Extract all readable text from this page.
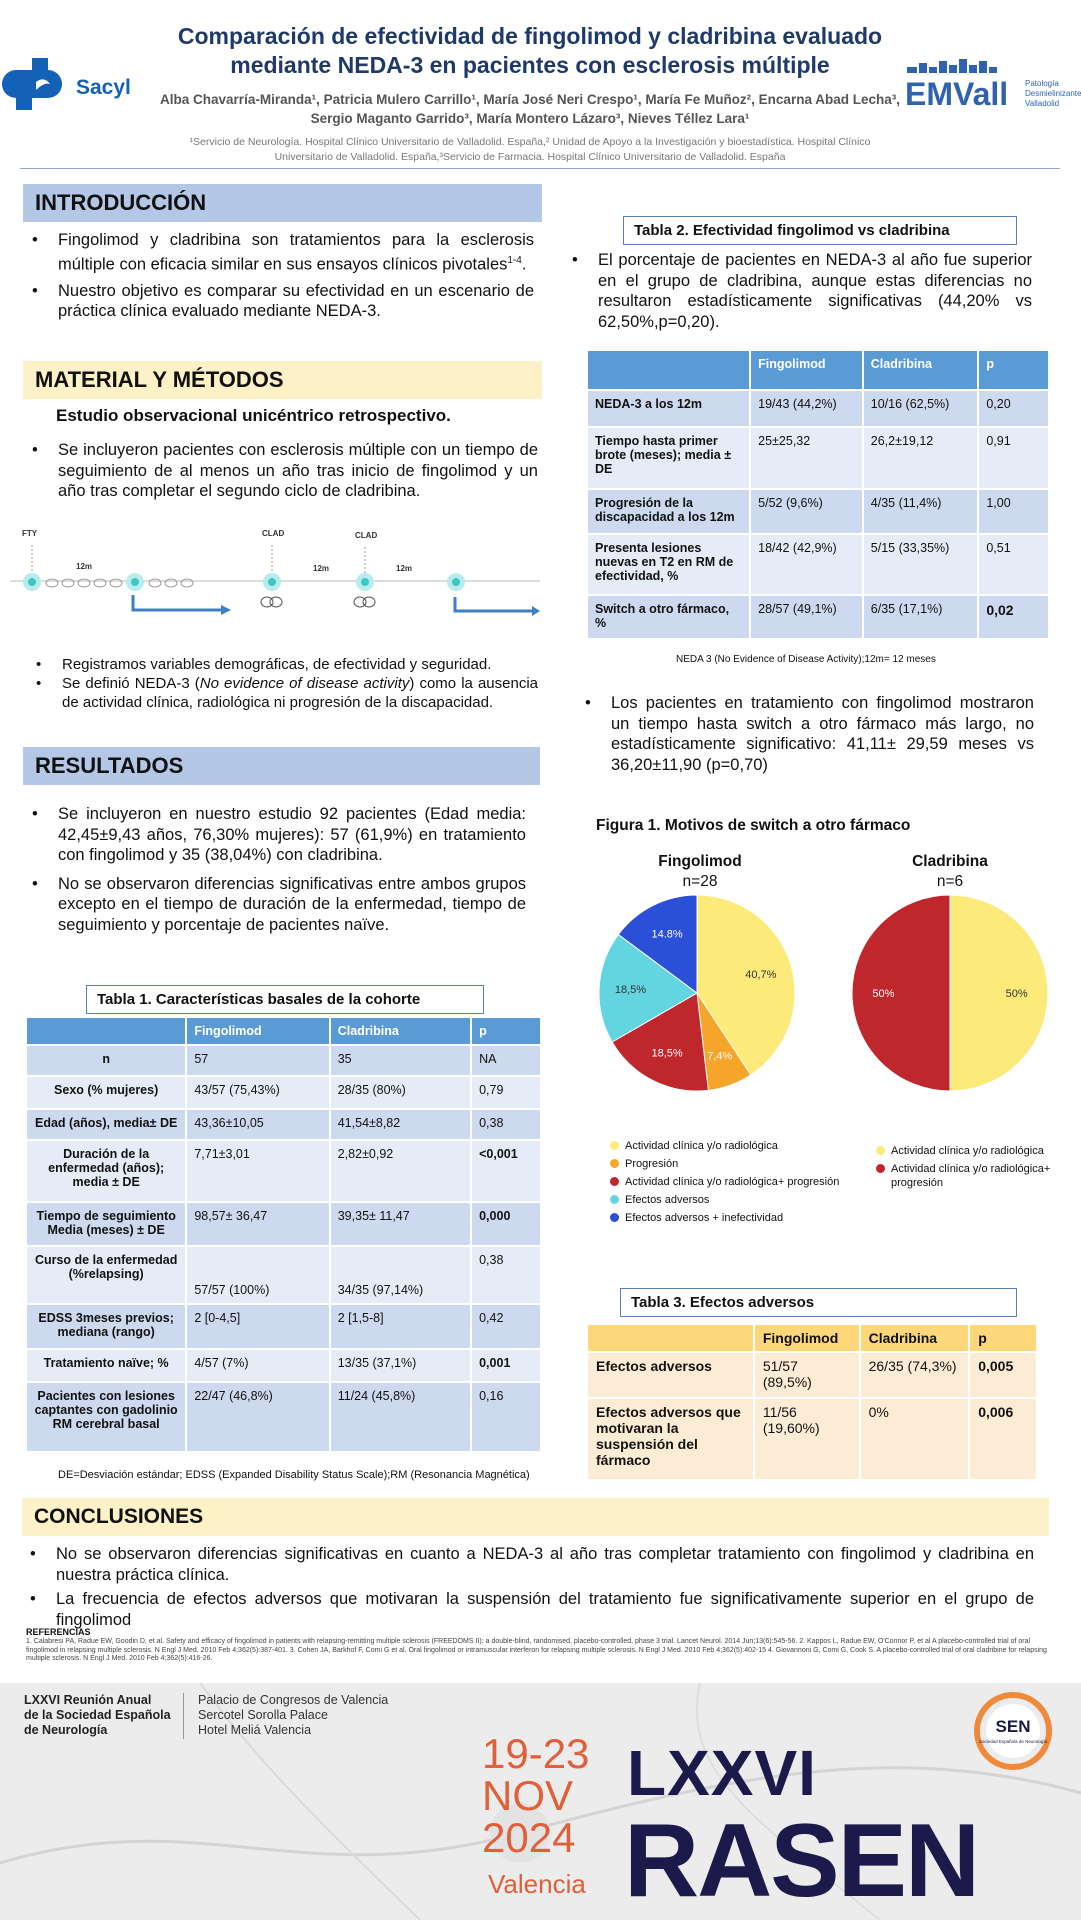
Sacyl
Comparación de efectividad de fingolimod y cladribina evaluado mediante NEDA-3 en pacientes con esclerosis múltiple
Alba Chavarría-Miranda¹, Patricia Mulero Carrillo¹, María José Neri Crespo¹, María Fe Muñoz², Encarna Abad Lecha³, Sergio Maganto Garrido³, María Montero Lázaro³, Nieves Téllez Lara¹
¹Servicio de Neurología. Hospital Clínico Universitario de Valladolid. España,² Unidad de Apoyo a la Investigación y bioestadística. Hospital Clínico Universitario de Valladolid. España,³Servicio de Farmacia. Hospital Clínico Universitario de Valladolid. España
EMVall Patología
Desmielinizante
Valladolid
INTRODUCCIÓN
• Fingolimod y cladribina son tratamientos para la esclerosis múltiple con eficacia similar en sus ensayos clínicos pivotales$^{1-4}$.
• Nuestro objetivo es comparar su efectividad en un escenario de práctica clínica evaluado mediante NEDA-3.
MATERIAL Y MÉTODOS
Estudio observacional unicéntrico retrospectivo.
• Se incluyeron pacientes con esclerosis múltiple con un tiempo de seguimiento de al menos un año tras inicio de fingolimod y un año tras completar el segundo ciclo de cladribina.
FTY	CLAD	CLAD
12m	12m	12m
• Registramos variables demográficas, de efectividad y seguridad.
• Se definió NEDA-3 (No evidence of disease activity) como la ausencia de actividad clínica, radiológica ni progresión de la discapacidad.
RESULTADOS
• Se incluyeron en nuestro estudio 92 pacientes (Edad media: 42,45±9,43 años, 76,30% mujeres): 57 (61,9%) en tratamiento con fingolimod y 35 (38,04%) con cladribina.
• No se observaron diferencias significativas entre ambos grupos excepto en el tiempo de duración de la enfermedad, tiempo de seguimiento y porcentaje de pacientes naïve.
Tabla 1. Características basales de la cohorte
	Fingolimod	Cladribina	p
n	57	35	NA
Sexo (% mujeres)	43/57 (75,43%)	28/35 (80%)	0,79
Edad (años), media± DE	43,36±10,05	41,54±8,82	0,38
Duración de la enfermedad (años); media ± DE	7,71±3,01	2,82±0,92	<0,001
Tiempo de seguimiento Media (meses) ± DE	98,57± 36,47	39,35± 11,47	0,000
Curso de la enfermedad (%relapsing)	57/57 (100%)	34/35 (97,14%)	0,38
EDSS 3meses previos; mediana (rango)	2 [0-4,5]	2 [1,5-8]	0,42
Tratamiento naïve; %	4/57 (7%)	13/35 (37,1%)	0,001
Pacientes con lesiones captantes con gadolinio RM cerebral basal	22/47 (46,8%)	11/24 (45,8%)	0,16
DE=Desviación estándar; EDSS (Expanded Disability Status Scale);RM (Resonancia Magnética)
Tabla 2. Efectividad fingolimod vs cladribina
• El porcentaje de pacientes en NEDA-3 al año fue superior en el grupo de cladribina, aunque estas diferencias no resultaron estadísticamente significativas (44,20% vs 62,50%,p=0,20).
	Fingolimod	Cladribina	p
NEDA-3 a los 12m	19/43 (44,2%)	10/16 (62,5%)	0,20
Tiempo hasta primer brote (meses); media ± DE	25±25,32	26,2±19,12	0,91
Progresión de la discapacidad a los 12m	5/52 (9,6%)	4/35 (11,4%)	1,00
Presenta lesiones nuevas en T2 en RM de efectividad, %	18/42 (42,9%)	5/15 (33,35%)	0,51
Switch a otro fármaco, %	28/57 (49,1%)	6/35 (17,1%)	0,02
NEDA 3 (No Evidence of Disease Activity);12m= 12 meses
• Los pacientes en tratamiento con fingolimod mostraron un tiempo hasta switch a otro fármaco más largo, no estadísticamente significativo: 41,11± 29,59 meses vs 36,20±11,90 (p=0,70)
Figura 1. Motivos de switch a otro fármaco
Fingolimod
n=28
Cladribina
n=6
40,7%
7,4%
18,5%
18,5%
14.8%
50%
50%
Actividad clínica y/o radiológica
Progresión
Actividad clínica y/o radiológica+ progresión
Efectos adversos
Efectos adversos + inefectividad
Actividad clínica y/o radiológica
Actividad clínica y/o radiológica+ progresión
Tabla 3. Efectos adversos
	Fingolimod	Cladribina	p
Efectos adversos	51/57 (89,5%)	26/35 (74,3%)	0,005
Efectos adversos que motivaran la suspensión del fármaco	11/56 (19,60%)	0%	0,006
CONCLUSIONES
• No se observaron diferencias significativas en cuanto a NEDA-3 al año tras completar tratamiento con fingolimod y cladribina en nuestra práctica clínica.
• La frecuencia de efectos adversos que motivaran la suspensión del tratamiento fue significativamente superior en el grupo de fingolimod
REFERENCIAS
1. Calabresi PA, Radue EW, Goodin D, et al. Safety and efficacy of fingolimod in patients with relapsing-remitting multiple sclerosis (FREEDOMS II): a double-blind, randomised, placebo-controlled, phase 3 trial. Lancet Neurol. 2014 Jun;13(6):545-56. 2. Kappos L, Radue EW, O'Connor P, et al A placebo-controlled trial of oral fingolimod in relapsing multiple sclerosis. N Engl J Med. 2010 Feb 4;362(5):387-401. 3. Cohen JA, Barkhof F, Comi G et al. Oral fingolimod or intramuscular interferon for relapsing multiple sclerosis. N Engl J Med. 2010 Feb 4;362(5):402-15 4. Giovannoni G, Comi G, Cook S. A placebo-controlled trial of oral cladribine for relapsing multiple sclerosis. N Engl J Med. 2010 Feb 4;362(5):416-26.
LXXVI Reunión Anual
de la Sociedad Española
de Neurología
Palacio de Congresos de Valencia
Sercotel Sorolla Palace
Hotel Meliá Valencia	19-23
NOV
2024
Valencia
LXXVI
RASEN
SEN
Sociedad Española de Neurología
